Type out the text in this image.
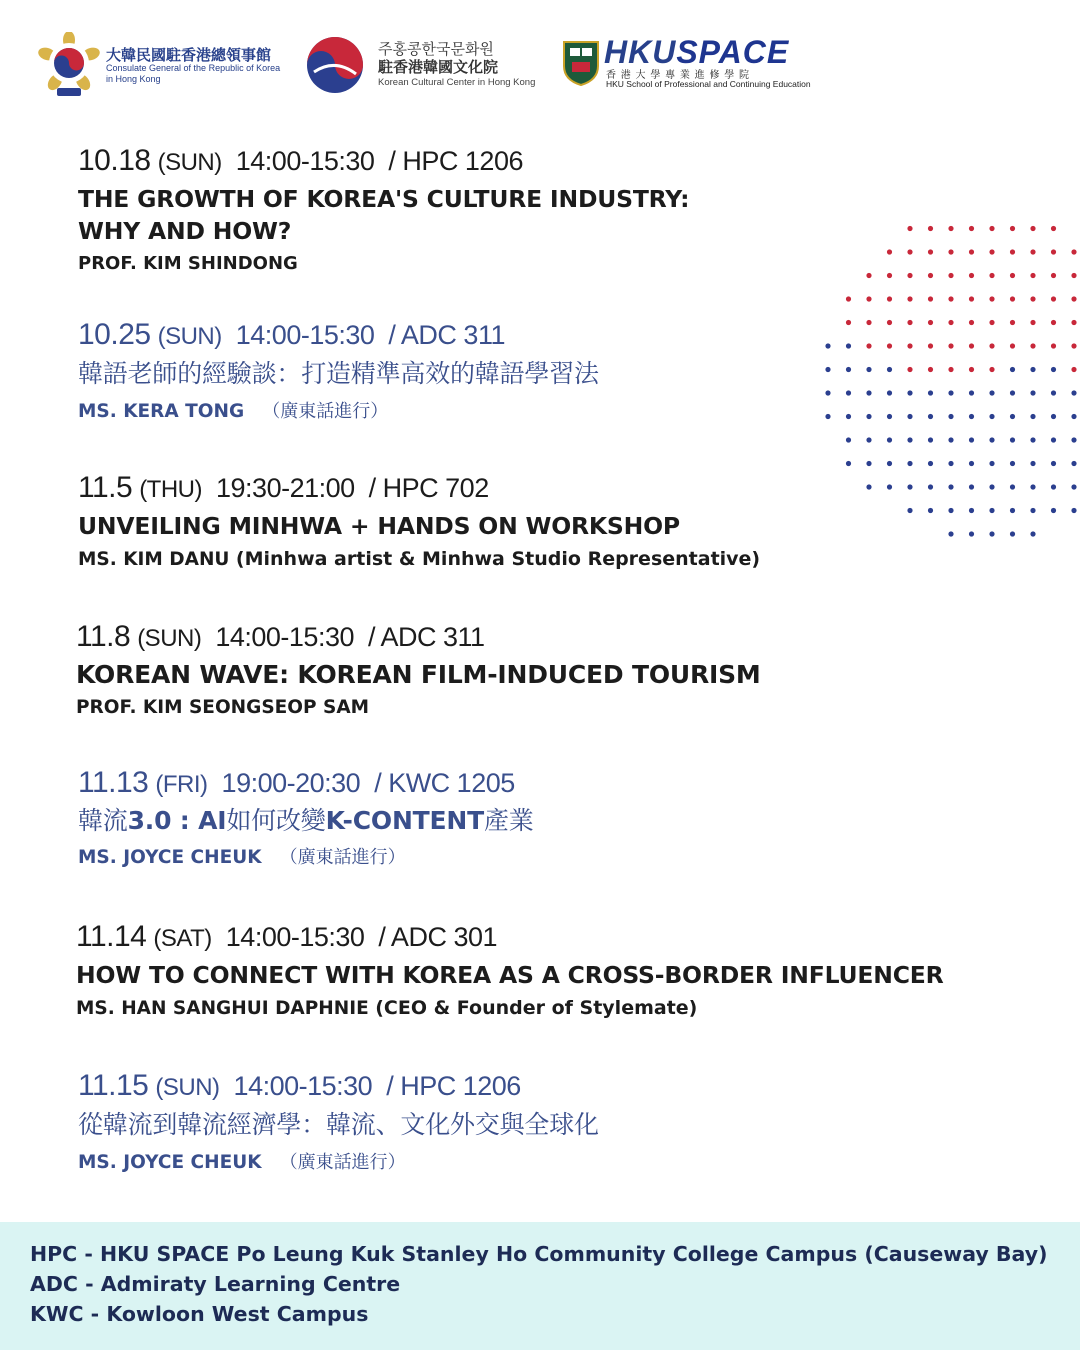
大韓民國駐香港總領事館
Consulate General of the Republic of Korea
in Hong Kong
주홍콩한국문화원
駐香港韓國文化院
Korean Cultural Center in Hong Kong
HKUSPACE
香 港 大 學 專 業 進 修 學 院
HKU School of Professional and Continuing Education
10.18 (SUN) 14:00-15:30 / HPC 1206
THE GROWTH OF KOREA'S CULTURE INDUSTRY:
WHY AND HOW?
PROF. KIM SHINDONG
10.25 (SUN) 14:00-15:30 / ADC 311
韓語老師的經驗談：打造精準高效的韓語學習法
MS. KERA TONG （廣東話進行）
11.5 (THU) 19:30-21:00 / HPC 702
UNVEILING MINHWA + HANDS ON WORKSHOP
MS. KIM DANU (Minhwa artist & Minhwa Studio Representative)
11.8 (SUN) 14:00-15:30 / ADC 311
KOREAN WAVE: KOREAN FILM-INDUCED TOURISM
PROF. KIM SEONGSEOP SAM
11.13 (FRI) 19:00-20:30 / KWC 1205
韓流3.0 : AI如何改變K-CONTENT產業
MS. JOYCE CHEUK （廣東話進行）
11.14 (SAT) 14:00-15:30 / ADC 301
HOW TO CONNECT WITH KOREA AS A CROSS-BORDER INFLUENCER
MS. HAN SANGHUI DAPHNIE (CEO & Founder of Stylemate)
11.15 (SUN) 14:00-15:30 / HPC 1206
從韓流到韓流經濟學：韓流、文化外交與全球化
MS. JOYCE CHEUK （廣東話進行）
HPC - HKU SPACE Po Leung Kuk Stanley Ho Community College Campus (Causeway Bay)
ADC - Admiraty Learning Centre
KWC - Kowloon West Campus
